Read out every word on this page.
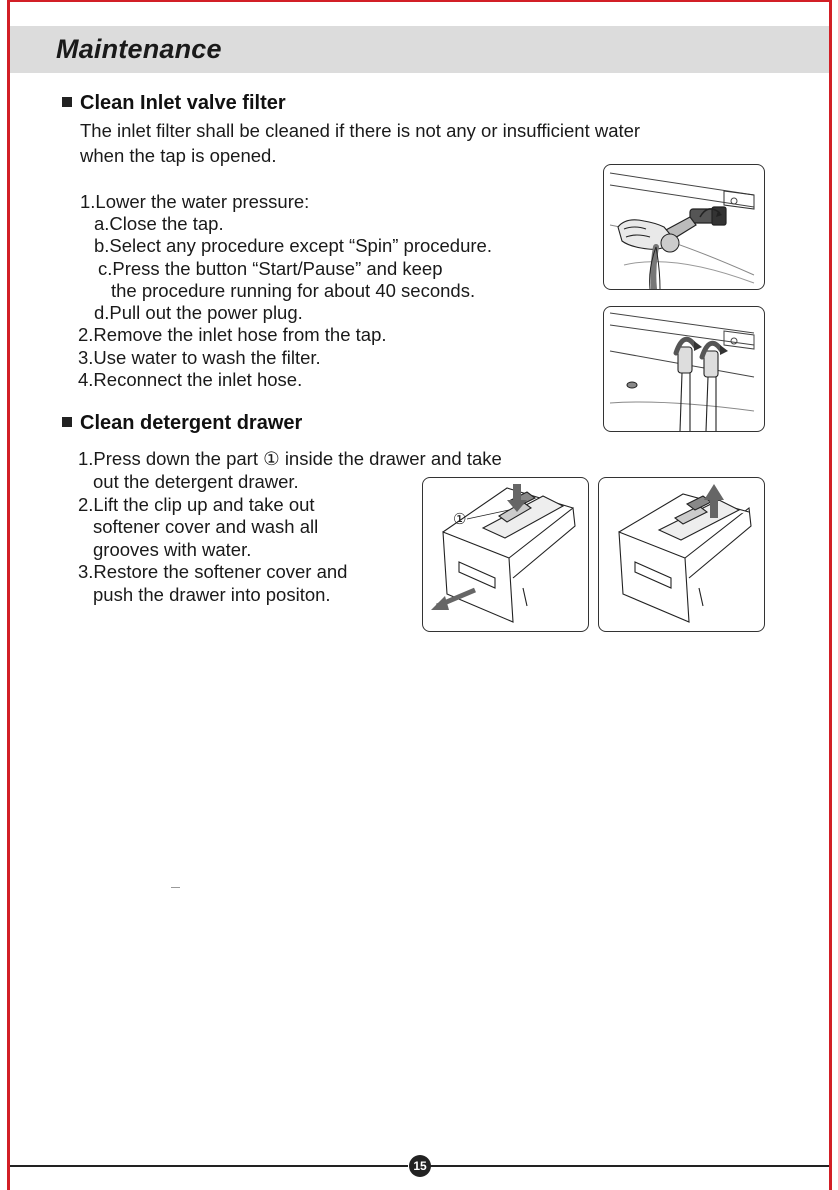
Maintenance
Clean Inlet valve filter
The inlet filter shall be cleaned if there is not any or insufficient water
when the tap is opened.
1.Lower the water pressure:
a.Close the tap.
b.Select any procedure except “Spin” procedure.
c.Press the button “Start/Pause” and keep
the procedure running for about 40 seconds.
d.Pull out the power plug.
2.Remove the inlet hose from the tap.
3.Use water to wash the filter.
4.Reconnect the inlet hose.
Clean detergent drawer
1.Press down the part ① inside the drawer and take
out the detergent drawer.
2.Lift the clip up and take out
softener cover and wash all
grooves with water.
3.Restore the softener cover and
push the drawer into positon.
①
15
